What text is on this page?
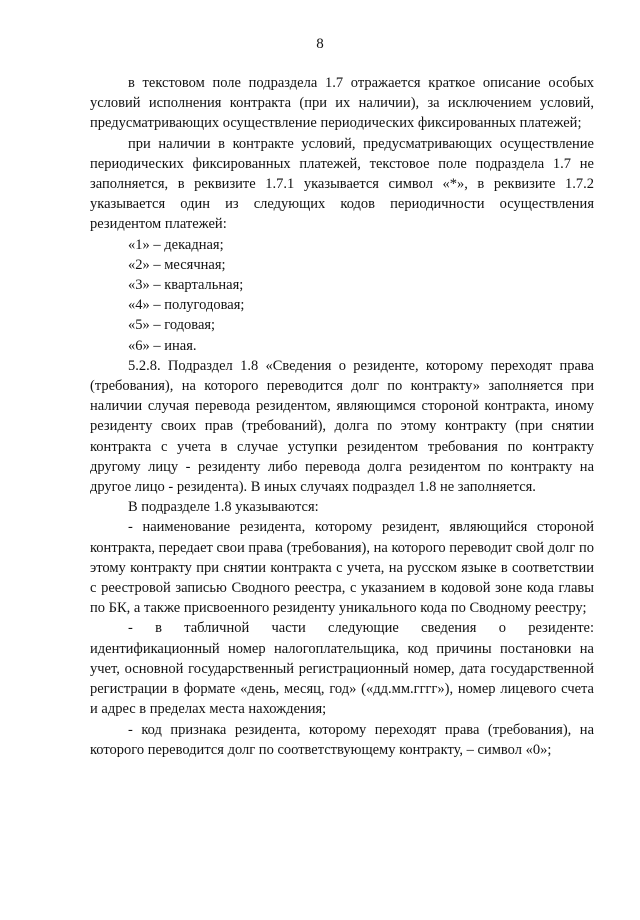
8

в текстовом поле подраздела 1.7 отражается краткое описание особых условий исполнения контракта (при их наличии), за исключением условий, предусматривающих осуществление периодических фиксированных платежей;

при наличии в контракте условий, предусматривающих осуществление периодических фиксированных платежей, текстовое поле подраздела 1.7 не заполняется, в реквизите 1.7.1 указывается символ «*», в реквизите 1.7.2 указывается один из следующих кодов периодичности осуществления резидентом платежей:

«1» – декадная;

«2» – месячная;

«3» – квартальная;

«4» – полугодовая;

«5» – годовая;

«6» – иная.

5.2.8. Подраздел 1.8 «Сведения о резиденте, которому переходят права (требования), на которого переводится долг по контракту» заполняется при наличии случая перевода резидентом, являющимся стороной контракта, иному резиденту своих прав (требований), долга по этому контракту (при снятии контракта с учета в случае уступки резидентом требования по контракту другому лицу - резиденту либо перевода долга резидентом по контракту на другое лицо - резидента). В иных случаях подраздел 1.8 не заполняется.

В подразделе 1.8 указываются:

- наименование резидента, которому резидент, являющийся стороной контракта, передает свои права (требования), на которого переводит свой долг по этому контракту при снятии контракта с учета, на русском языке в соответствии с реестровой записью Сводного реестра, с указанием в кодовой зоне кода главы по БК, а также присвоенного резиденту уникального кода по Сводному реестру;

- в табличной части следующие сведения о резиденте: идентификационный номер налогоплательщика, код причины постановки на учет, основной государственный регистрационный номер, дата государственной регистрации в формате «день, месяц, год» («дд.мм.гггг»), номер лицевого счета и адрес в пределах места нахождения;

- код признака резидента, которому переходят права (требования), на которого переводится долг по соответствующему контракту, – символ «0»;
